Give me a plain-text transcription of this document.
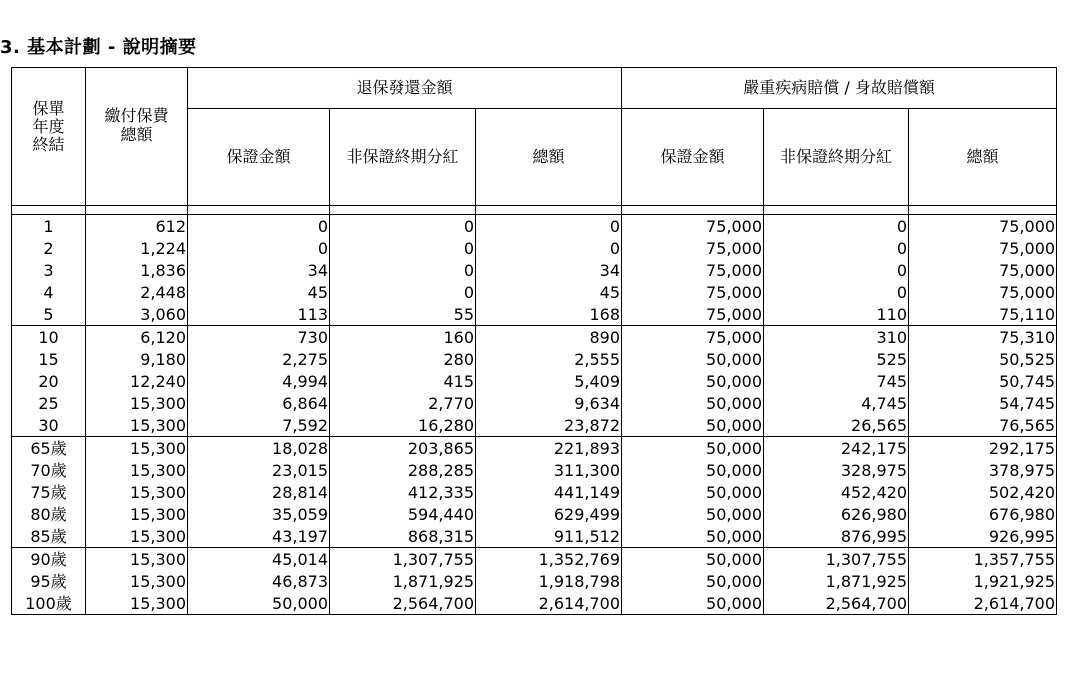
3. 基本計劃 - 說明摘要
保單年度終結	繳付保費總額	退保發還金額			嚴重疾病賠償 / 身故賠償額		
		保證金額	非保證終期分紅	總額	保證金額	非保證終期分紅	總額

1	612	0	0	0	75,000	0	75,000
2	1,224	0	0	0	75,000	0	75,000
3	1,836	34	0	34	75,000	0	75,000
4	2,448	45	0	45	75,000	0	75,000
5	3,060	113	55	168	75,000	110	75,110
10	6,120	730	160	890	75,000	310	75,310
15	9,180	2,275	280	2,555	50,000	525	50,525
20	12,240	4,994	415	5,409	50,000	745	50,745
25	15,300	6,864	2,770	9,634	50,000	4,745	54,745
30	15,300	7,592	16,280	23,872	50,000	26,565	76,565
65歲	15,300	18,028	203,865	221,893	50,000	242,175	292,175
70歲	15,300	23,015	288,285	311,300	50,000	328,975	378,975
75歲	15,300	28,814	412,335	441,149	50,000	452,420	502,420
80歲	15,300	35,059	594,440	629,499	50,000	626,980	676,980
85歲	15,300	43,197	868,315	911,512	50,000	876,995	926,995
90歲	15,300	45,014	1,307,755	1,352,769	50,000	1,307,755	1,357,755
95歲	15,300	46,873	1,871,925	1,918,798	50,000	1,871,925	1,921,925
100歲	15,300	50,000	2,564,700	2,614,700	50,000	2,564,700	2,614,700
